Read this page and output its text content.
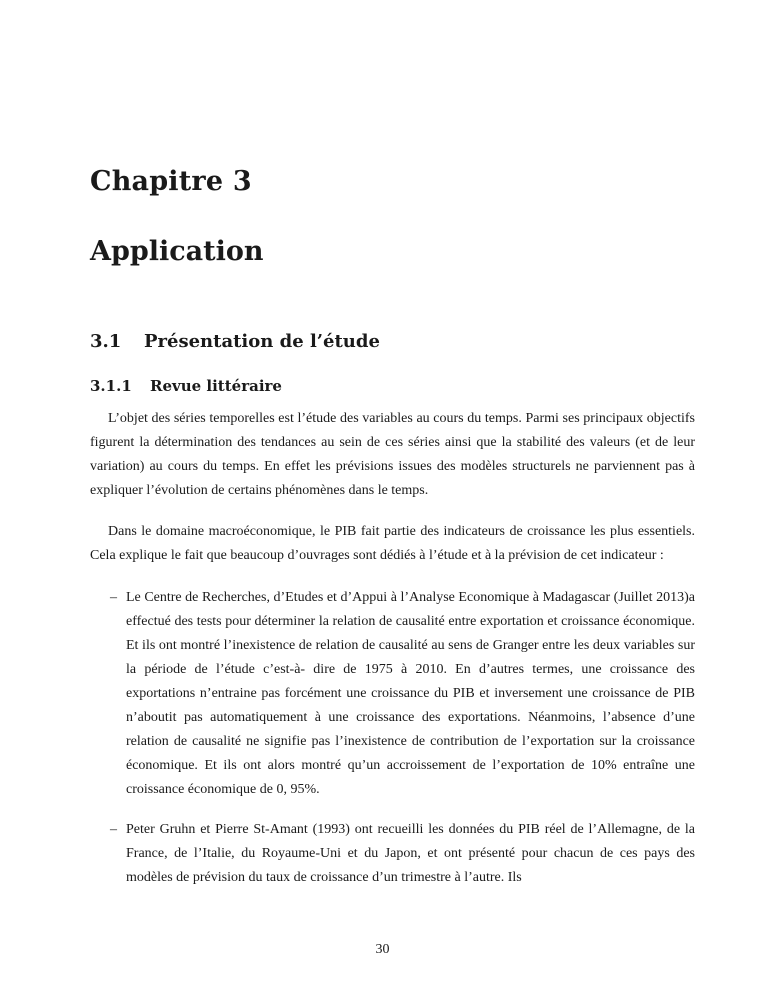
Chapitre 3
Application
3.1 Présentation de l’étude
3.1.1 Revue littéraire

L’objet des séries temporelles est l’étude des variables au cours du temps. Parmi ses principaux objectifs figurent la détermination des tendances au sein de ces séries ainsi que la stabilité des valeurs (et de leur variation) au cours du temps. En effet les prévisions issues des modèles structurels ne parviennent pas à expliquer l’évolution de certains phénomènes dans le temps.

Dans le domaine macroéconomique, le PIB fait partie des indicateurs de croissance les plus essentiels. Cela explique le fait que beaucoup d’ouvrages sont dédiés à l’étude et à la prévision de cet indicateur :

– Le Centre de Recherches, d’Etudes et d’Appui à l’Analyse Economique à Madagascar (Juillet 2013)a effectué des tests pour déterminer la relation de causalité entre exportation et croissance économique. Et ils ont montré l’inexistence de relation de causalité au sens de Granger entre les deux variables sur la période de l’étude c’est-à- dire de 1975 à 2010. En d’autres termes, une croissance des exportations n’entraine pas forcément une croissance du PIB et inversement une croissance de PIB n’aboutit pas automatiquement à une croissance des exportations. Néanmoins, l’absence d’une relation de causalité ne signifie pas l’inexistence de contribution de l’exportation sur la croissance économique. Et ils ont alors montré qu’un accroissement de l’exportation de 10% entraîne une croissance économique de 0, 95%.
– Peter Gruhn et Pierre St-Amant (1993) ont recueilli les données du PIB réel de l’Allemagne, de la France, de l’Italie, du Royaume-Uni et du Japon, et ont présenté pour chacun de ces pays des modèles de prévision du taux de croissance d’un trimestre à l’autre. Ils
30
